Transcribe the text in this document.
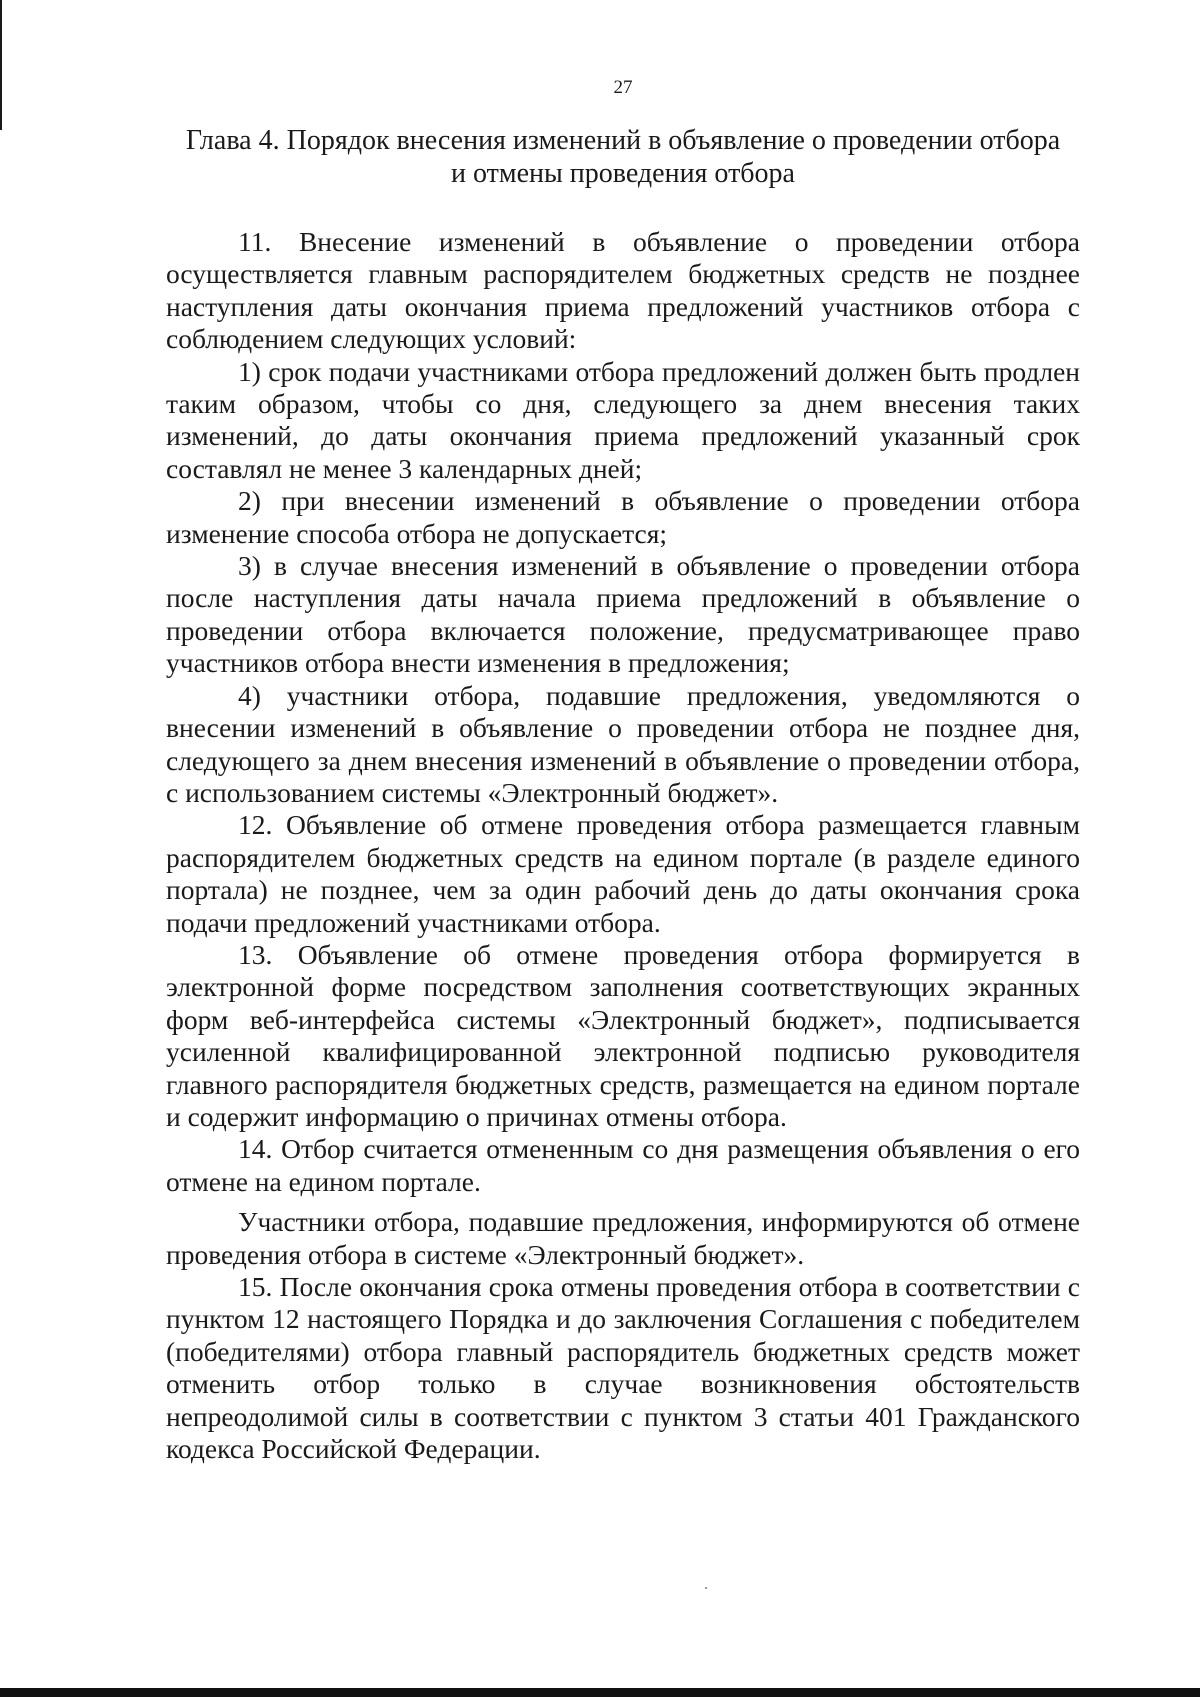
27
Глава 4. Порядок внесения изменений в объявление о проведении отбора
и отмены проведения отбора

11. Внесение изменений в объявление о проведении отбора осуществляется главным распорядителем бюджетных средств не позднее наступления даты окончания приема предложений участников отбора с соблюдением следующих условий:

1) срок подачи участниками отбора предложений должен быть продлен таким образом, чтобы со дня, следующего за днем внесения таких изменений, до даты окончания приема предложений указанный срок составлял не менее 3 календарных дней;

2) при внесении изменений в объявление о проведении отбора изменение способа отбора не допускается;

3) в случае внесения изменений в объявление о проведении отбора после наступления даты начала приема предложений в объявление о проведении отбора включается положение, предусматривающее право участников отбора внести изменения в предложения;

4) участники отбора, подавшие предложения, уведомляются о внесении изменений в объявление о проведении отбора не позднее дня, следующего за днем внесения изменений в объявление о проведении отбора, с использованием системы «Электронный бюджет».

12. Объявление об отмене проведения отбора размещается главным распорядителем бюджетных средств на едином портале (в разделе единого портала) не позднее, чем за один рабочий день до даты окончания срока подачи предложений участниками отбора.

13. Объявление об отмене проведения отбора формируется в электронной форме посредством заполнения соответствующих экранных форм веб-интерфейса системы «Электронный бюджет», подписывается усиленной квалифицированной электронной подписью руководителя главного распорядителя бюджетных средств, размещается на едином портале и содержит информацию о причинах отмены отбора.

14. Отбор считается отмененным со дня размещения объявления о его отмене на едином портале.

Участники отбора, подавшие предложения, информируются об отмене проведения отбора в системе «Электронный бюджет».

15. После окончания срока отмены проведения отбора в соответствии с пунктом 12 настоящего Порядка и до заключения Соглашения с победителем (победителями) отбора главный распорядитель бюджетных средств может отменить отбор только в случае возникновения обстоятельств непреодолимой силы в соответствии с пунктом 3 статьи 401 Гражданского кодекса Российской Федерации.
